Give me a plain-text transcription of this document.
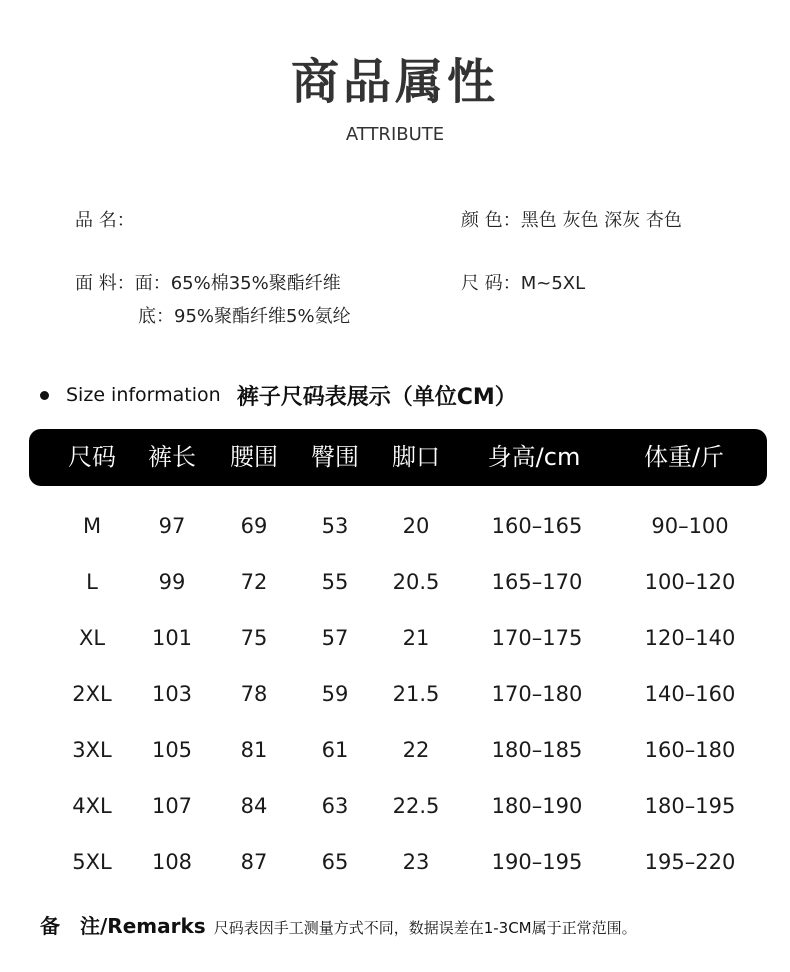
商品属性
ATTRIBUTE
品 名：	颜 色：黑色 灰色 深灰 杏色
面 料：面：65%棉35%聚酯纤维
底：95%聚酯纤维5%氨纶
尺 码：M~5XL
Size information 裤子尺码表展示（单位CM）
尺码 裤长 腰围 臀围 脚口 身高/cm	体重/斤
M	97	69	53	20	160–165	90–100
L	99	72	55 20.5 165–170	100–120
XL 101 75	57	21	170–175	120–140
2XL 103 78	59 21.5 170–180	140–160
3XL 105 81	61	22	180–185	160–180
4XL 107 84	63 22.5 180–190	180–195
5XL 108 87	65	23	190–195	195–220
备　注/Remarks 尺码表因手工测量方式不同，数据误差在1-3CM属于正常范围。
